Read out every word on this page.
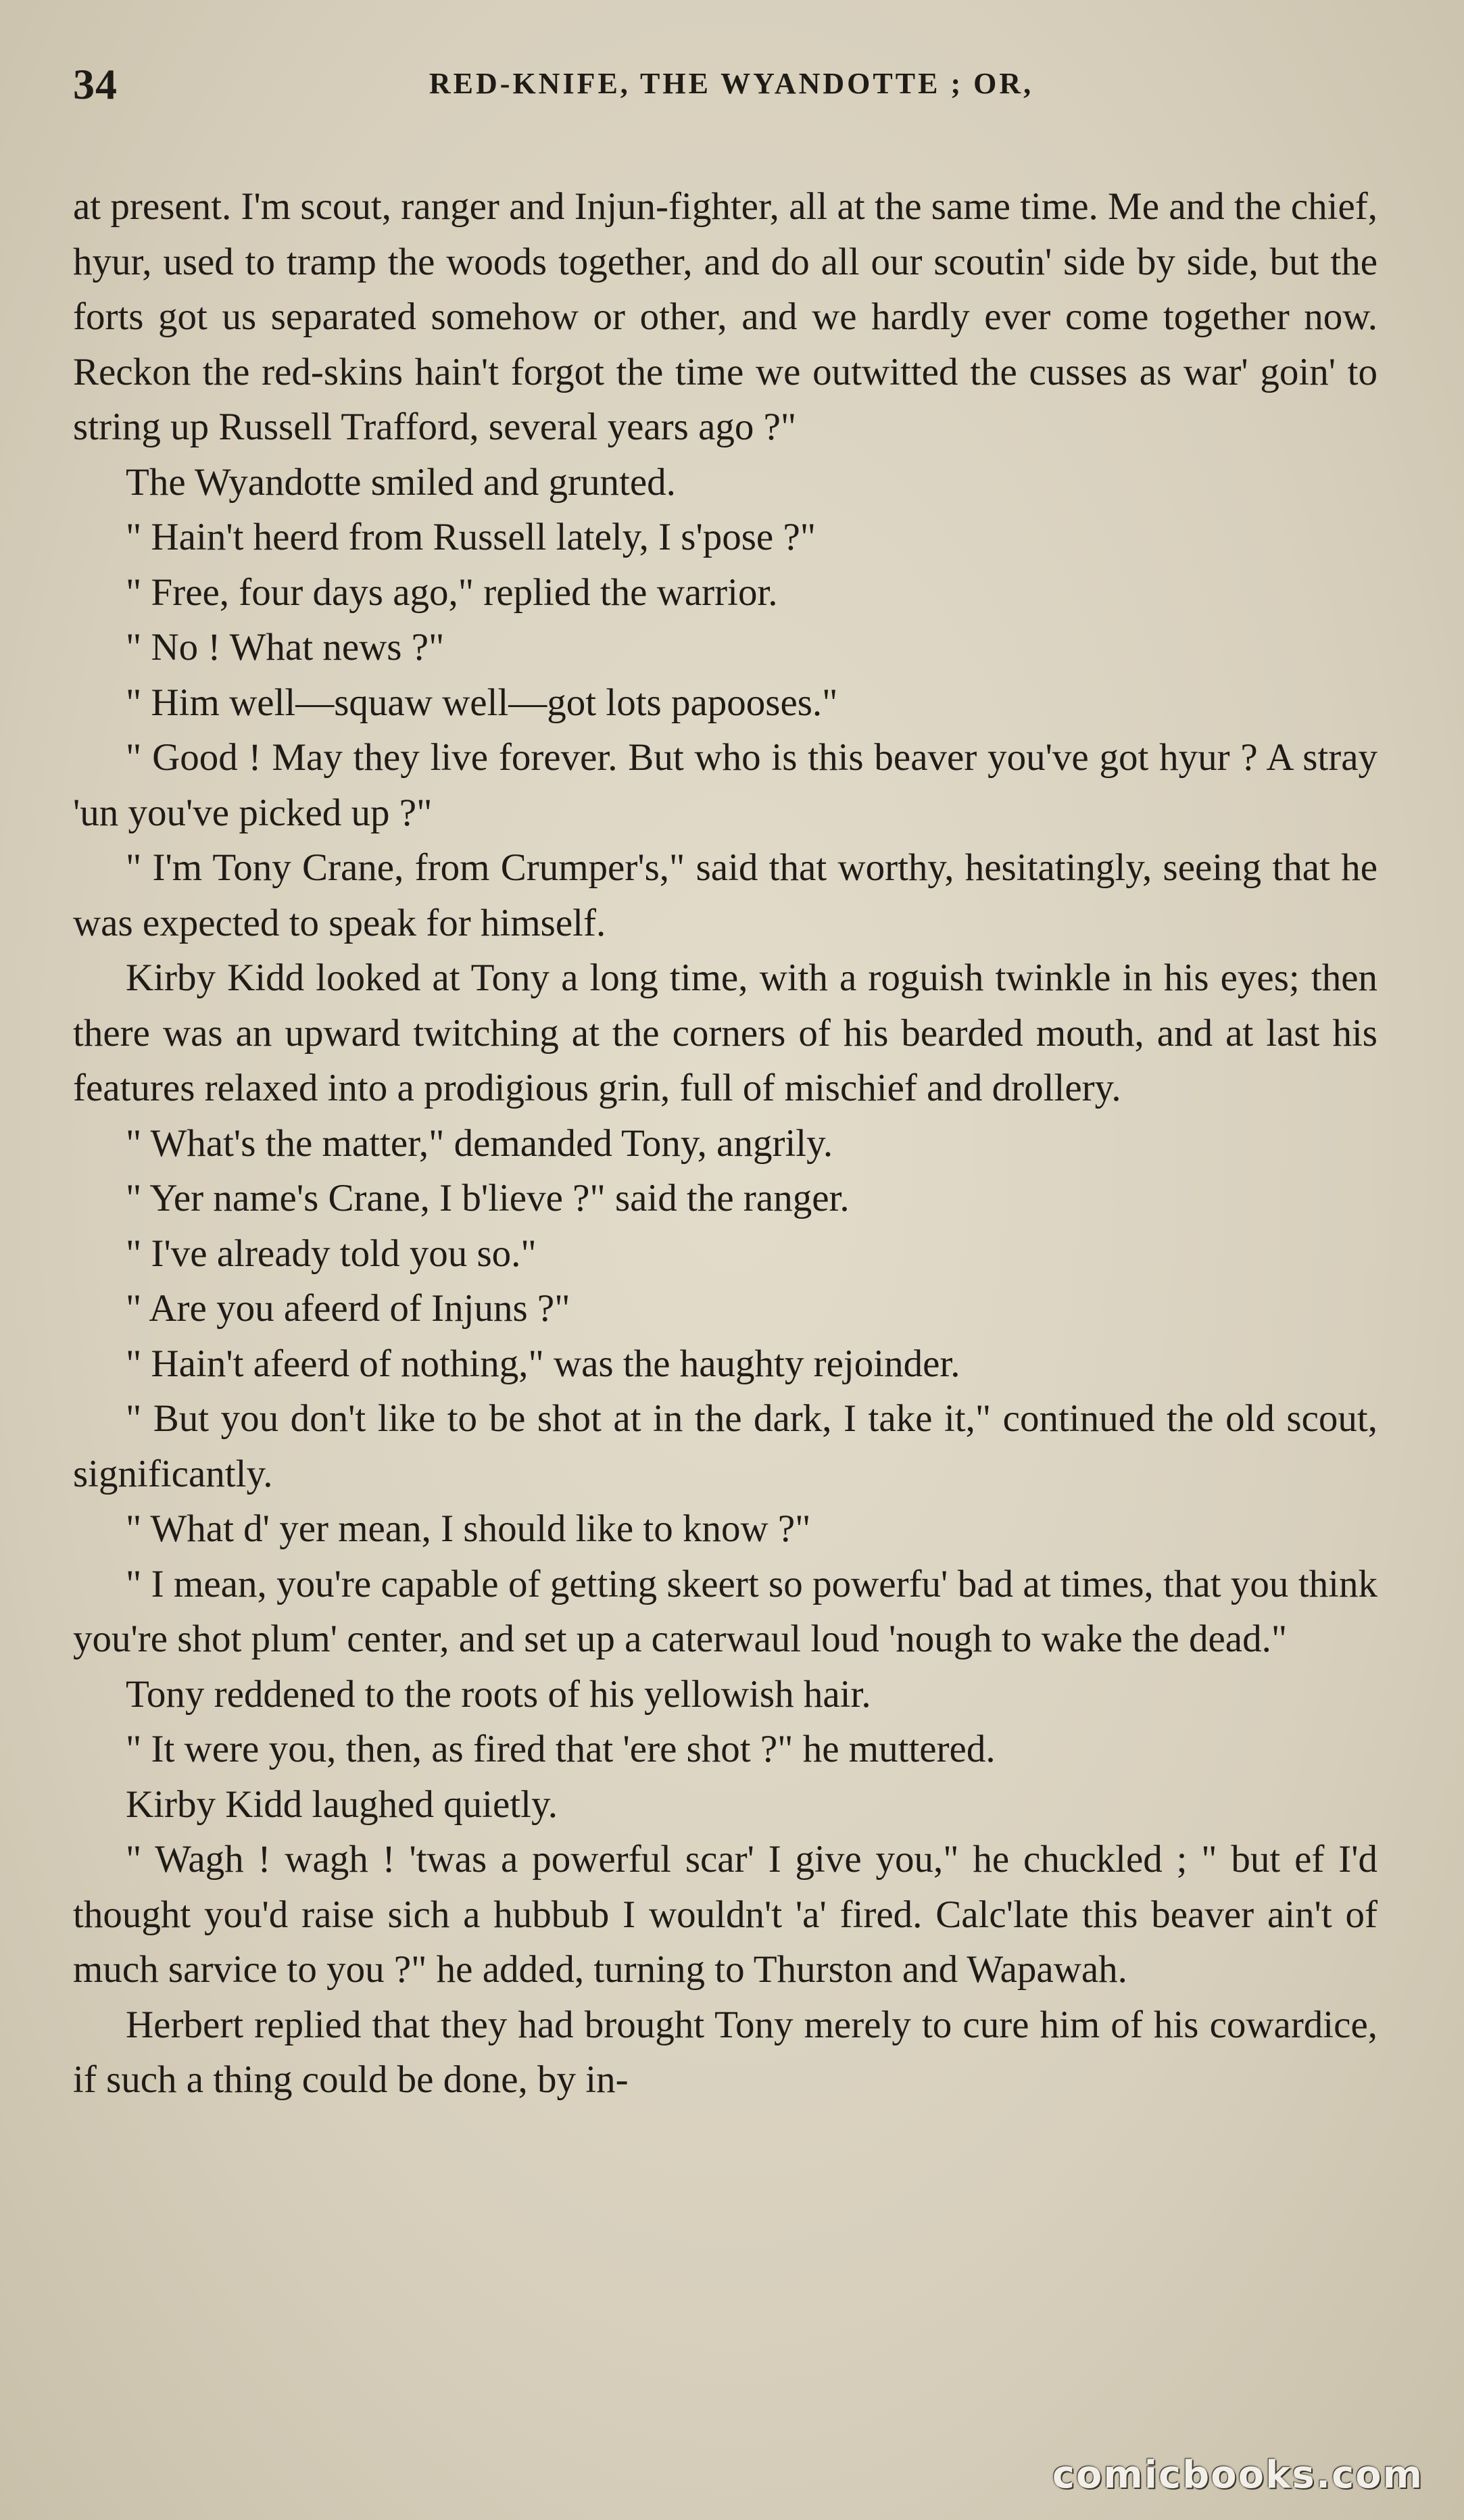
34	RED-KNIFE, THE WYANDOTTE ; OR,

at present. I'm scout, ranger and Injun-fighter, all at the same time. Me and the chief, hyur, used to tramp the woods together, and do all our scoutin' side by side, but the forts got us separated somehow or other, and we hardly ever come together now. Reckon the red-skins hain't forgot the time we outwitted the cusses as war' goin' to string up Russell Trafford, several years ago ?"

The Wyandotte smiled and grunted.

" Hain't heerd from Russell lately, I s'pose ?"

" Free, four days ago," replied the warrior.

" No ! What news ?"

" Him well—squaw well—got lots papooses."

" Good ! May they live forever. But who is this beaver you've got hyur ? A stray 'un you've picked up ?"

" I'm Tony Crane, from Crumper's," said that worthy, hesitatingly, seeing that he was expected to speak for himself.

Kirby Kidd looked at Tony a long time, with a roguish twinkle in his eyes; then there was an upward twitching at the corners of his bearded mouth, and at last his features relaxed into a prodigious grin, full of mischief and drollery.

" What's the matter," demanded Tony, angrily.

" Yer name's Crane, I b'lieve ?" said the ranger.

" I've already told you so."

" Are you afeerd of Injuns ?"

" Hain't afeerd of nothing," was the haughty rejoinder.

" But you don't like to be shot at in the dark, I take it," continued the old scout, significantly.

" What d' yer mean, I should like to know ?"

" I mean, you're capable of getting skeert so powerfu' bad at times, that you think you're shot plum' center, and set up a caterwaul loud 'nough to wake the dead."

Tony reddened to the roots of his yellowish hair.

" It were you, then, as fired that 'ere shot ?" he muttered.

Kirby Kidd laughed quietly.

" Wagh ! wagh ! 'twas a powerful scar' I give you," he chuckled ; " but ef I'd thought you'd raise sich a hubbub I wouldn't 'a' fired. Calc'late this beaver ain't of much sarvice to you ?" he added, turning to Thurston and Wapawah.

Herbert replied that they had brought Tony merely to cure him of his cowardice, if such a thing could be done, by in-

comicbooks.com
